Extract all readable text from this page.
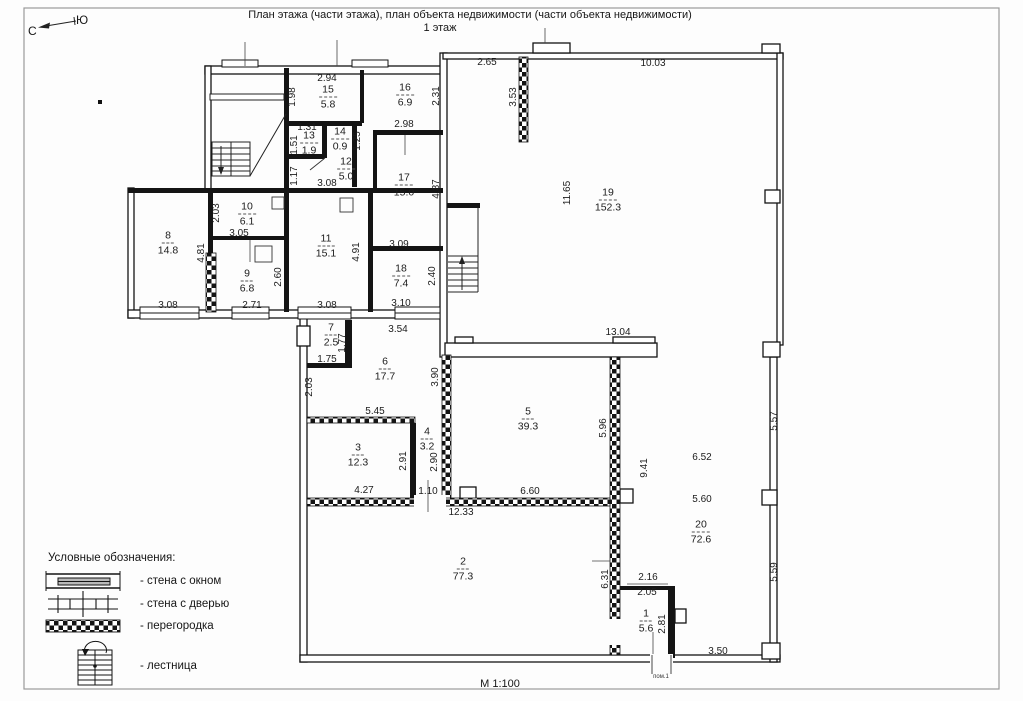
План этажа (части этажа), план объекта недвижимости (части объекта недвижимости)
1 этаж
С
Ю
М 1:100
Условные обозначения:
- стена с окном
- стена с дверью
- перегородка
- лестница
1
5.6
2
77.3
3
12.3
4
3.2
5
39.3
6
17.7
7
2.5
8
14.8
9
6.8
10
6.1
11
15.1
12
5.0
13
1.9
14
0.9
15
5.8
16
6.9
17
15.0
18
7.4
19
152.3
20
72.6
2.94
2.65	10.03
2.98
1.31
3.08
3.05
3.09
3.08	2.71	3.08	3.10
3.54	13.04
1.75
5.45
4.27	1.10	6.60
12.33
6.52
5.60
2.16
2.05
3.50
1.98	2.31	3.53
1.51	1.25
1.17
4.87	11.65
2.03
4.81
2.60
4.91
2.40
1.77
2.03
3.90
2.91 2.90
5.96
9.41
5.57
6.31
2.81
5.59
пом.1
